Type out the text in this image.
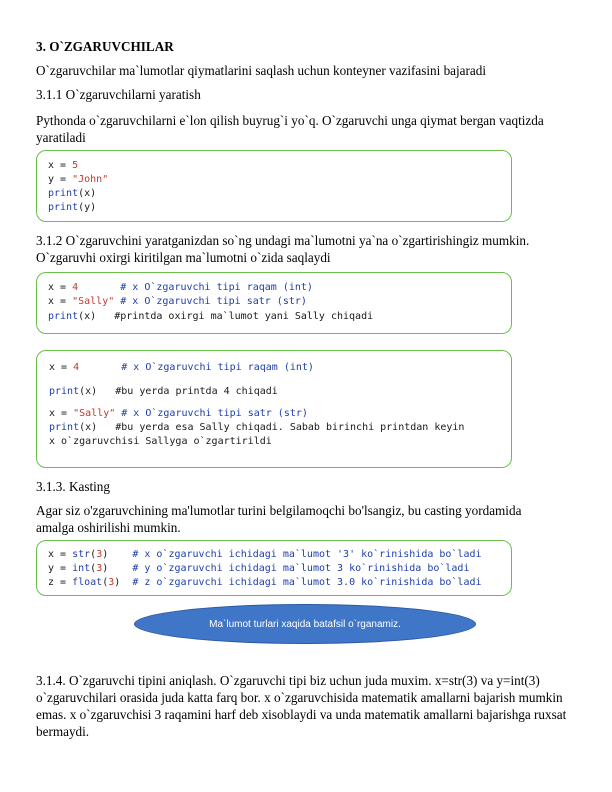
3. O`ZGARUVCHILAR
O`zgaruvchilar ma`lumotlar qiymatlarini saqlash uchun konteyner vazifasini bajaradi
3.1.1 O`zgaruvchilarni yaratish
Pythonda o`zgaruvchilarni e`lon qilish buyrug`i yo`q. O`zgaruvchi unga qiymat bergan vaqtizda yaratiladi
x = 5
y = "John"
print(x)
print(y)
3.1.2 O`zgaruvchini yaratganizdan so`ng undagi ma`lumotni ya`na o`zgartirishingiz mumkin.
O`zgaruvhi oxirgi kiritilgan ma`lumotni o`zida saqlaydi
x = 4       # x O`zgaruvchi tipi raqam (int)
x = "Sally" # x O`zgaruvchi tipi satr (str)
print(x)   #printda oxirgi ma`lumot yani Sally chiqadi
x = 4       # x O`zgaruvchi tipi raqam (int)
print(x)   #bu yerda printda 4 chiqadi
x = "Sally" # x O`zgaruvchi tipi satr (str)
print(x)   #bu yerda esa Sally chiqadi. Sabab birinchi printdan keyin
x o`zgaruvchisi Sallyga o`zgartirildi
3.1.3. Kasting
Agar siz o'zgaruvchining ma'lumotlar turini belgilamoqchi bo'lsangiz, bu casting yordamida amalga oshirilishi mumkin.
x = str(3)    # x o`zgaruvchi ichidagi ma`lumot '3' ko`rinishida bo`ladi
y = int(3)    # y o`zgaruvchi ichidagi ma`lumot 3 ko`rinishida bo`ladi
z = float(3)  # z o`zgaruvchi ichidagi ma`lumot 3.0 ko`rinishida bo`ladi
Ma`lumot turlari xaqida batafsil o`rganamiz.
3.1.4. O`zgaruvchi tipini aniqlash. O`zgaruvchi tipi biz uchun juda muxim. x=str(3) va y=int(3) o`zgaruvchilari orasida juda katta farq bor. x o`zgaruvchisida matematik amallarni bajarish mumkin emas. x o`zgaruvchisi 3 raqamini harf deb xisoblaydi va unda matematik amallarni bajarishga ruxsat bermaydi.
